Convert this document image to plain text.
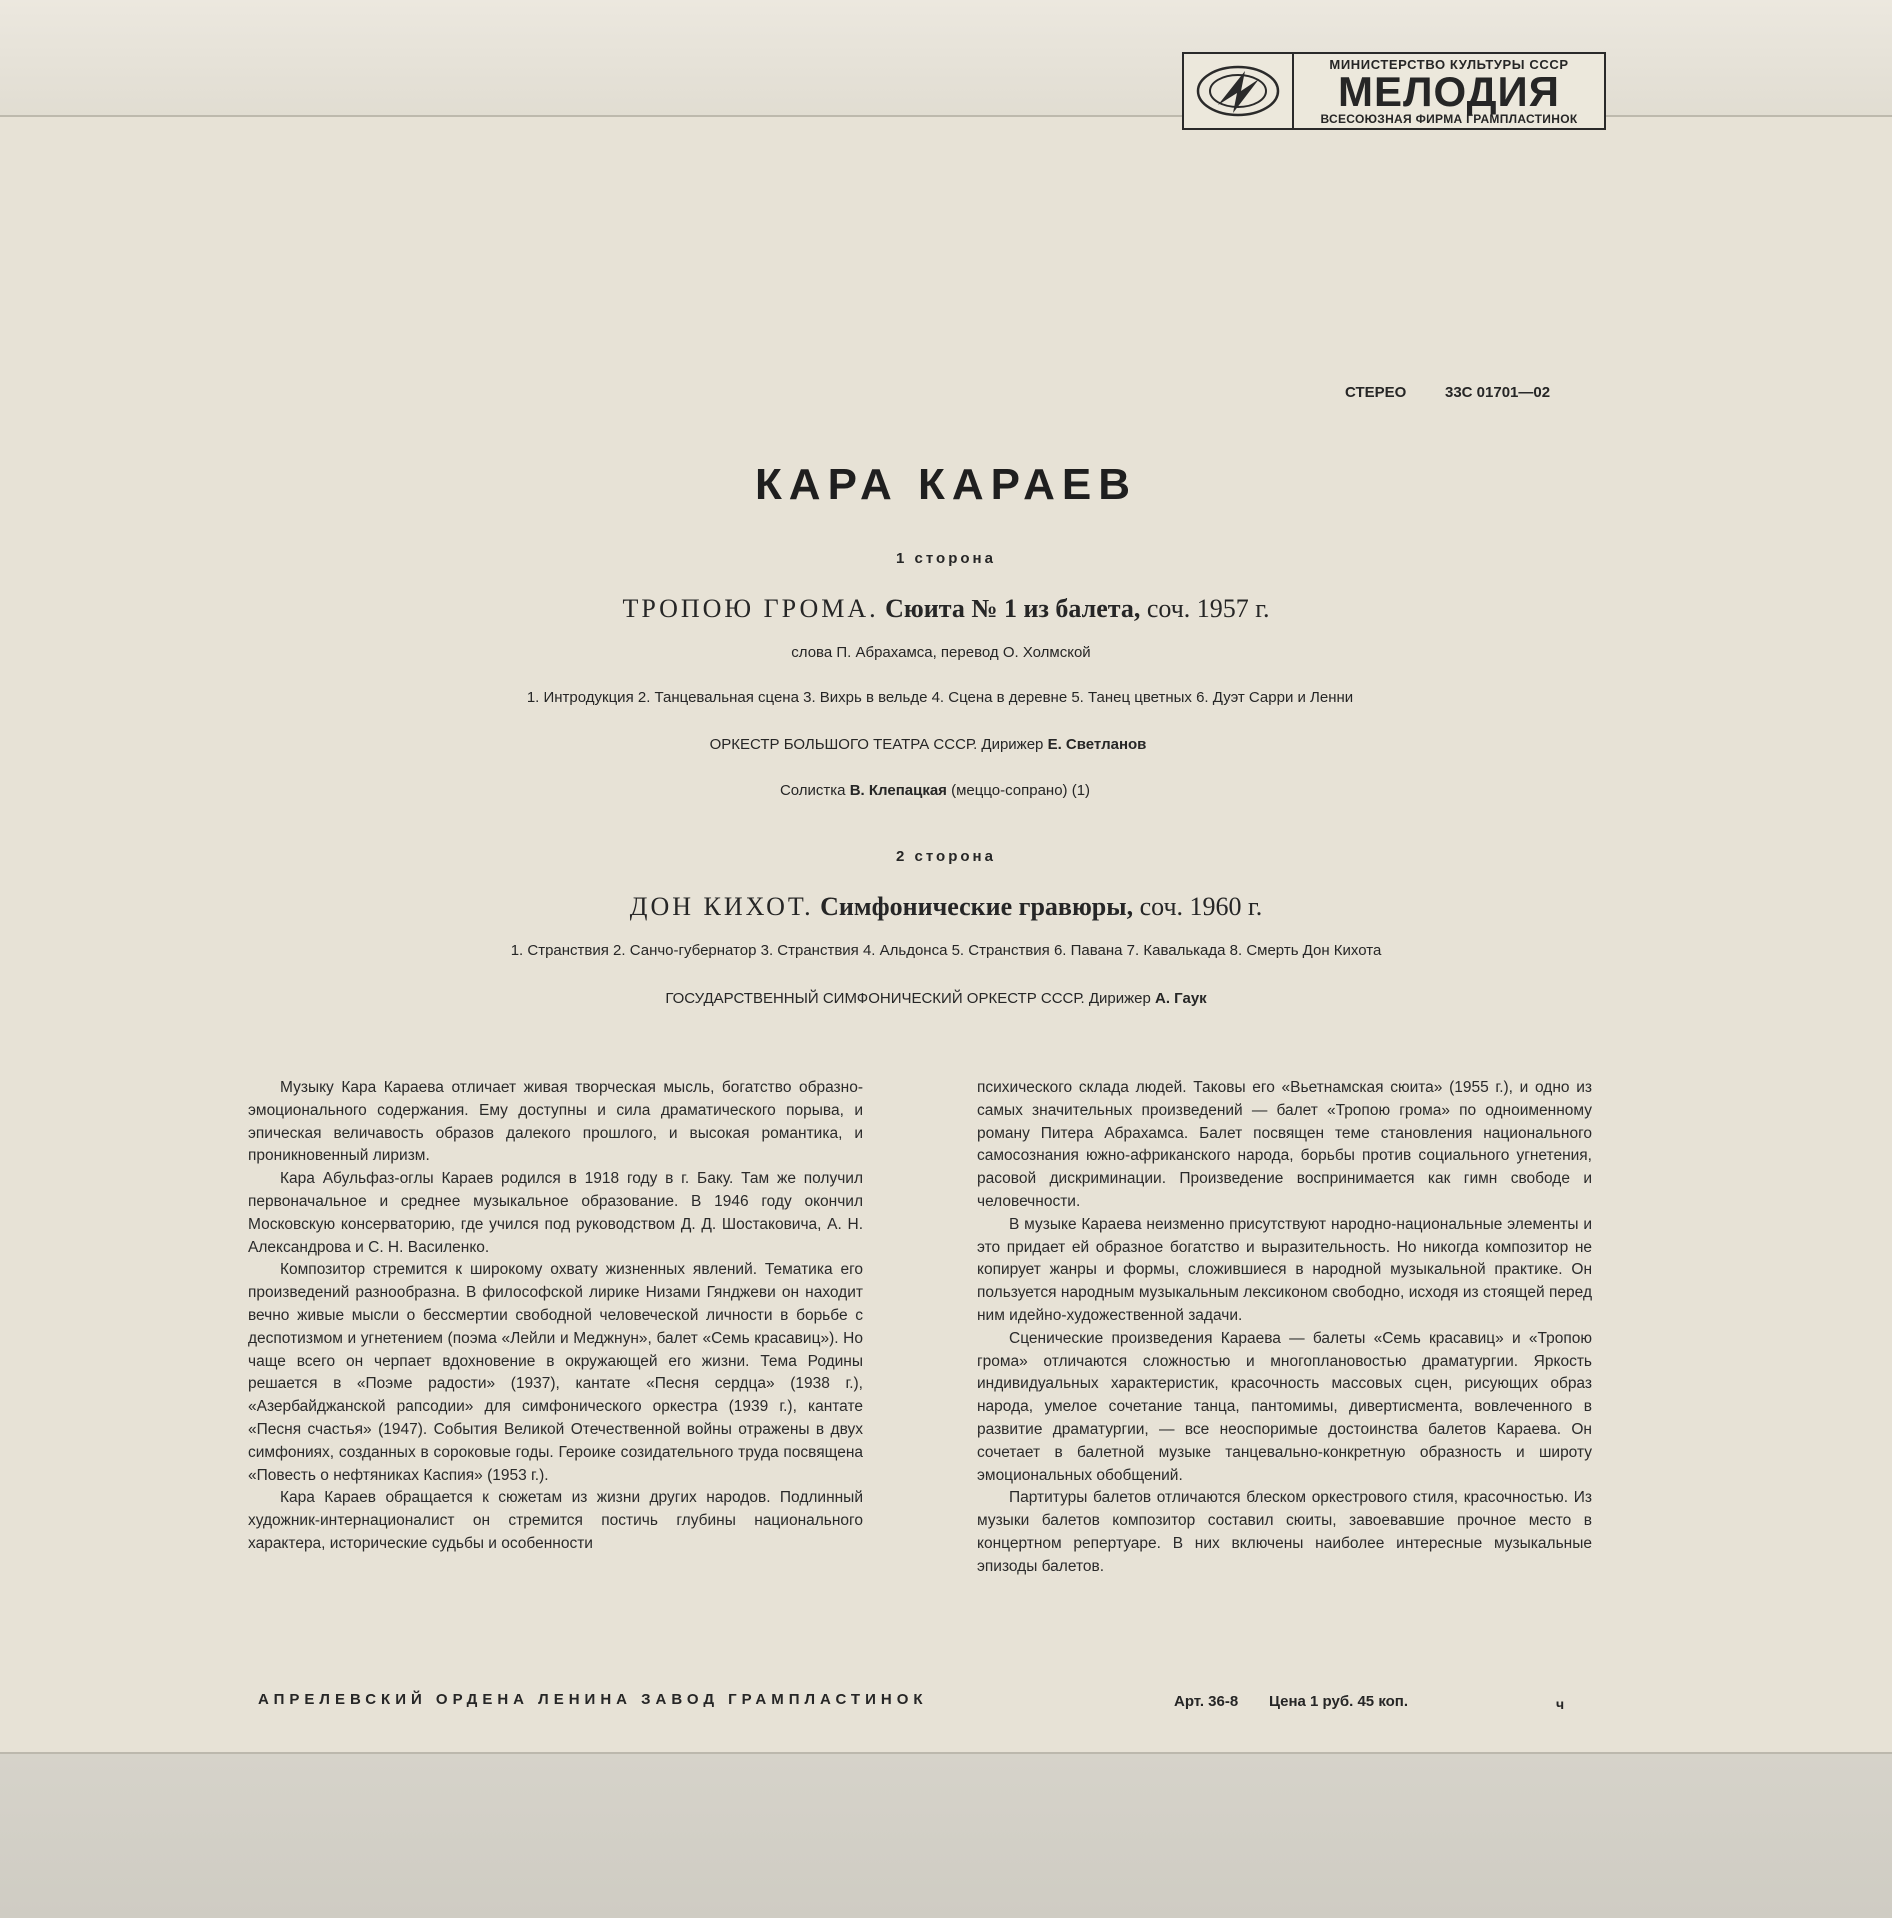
МИНИСТЕРСТВО КУЛЬТУРЫ СССР
МЕЛОДИЯ
ВСЕСОЮЗНАЯ ФИРМА ГРАМПЛАСТИНОК
СТЕРЕО	33С 01701—02
КАРА КАРАЕВ
1 сторона
ТРОПОЮ ГРОМА. Сюита № 1 из балета, соч. 1957 г.
слова П. Абрахамса, перевод О. Холмской
1. Интродукция 2. Танцевальная сцена 3. Вихрь в вельде 4. Сцена в деревне 5. Танец цветных 6. Дуэт Сарри и Ленни
ОРКЕСТР БОЛЬШОГО ТЕАТРА СССР. Дирижер Е. Светланов
Солистка В. Клепацкая (меццо-сопрано) (1)
2 сторона
ДОН КИХОТ. Симфонические гравюры, соч. 1960 г.
1. Странствия 2. Санчо-губернатор 3. Странствия 4. Альдонса 5. Странствия 6. Павана 7. Кавалькада 8. Смерть Дон Кихота
ГОСУДАРСТВЕННЫЙ СИМФОНИЧЕСКИЙ ОРКЕСТР СССР. Дирижер А. Гаук

Музыку Кара Караева отличает живая творческая мысль, богатство образно-эмоционального содержания. Ему доступны и сила драматического порыва, и эпическая величавость образов далекого прошлого, и высокая романтика, и проникновенный лиризм.

Кара Абульфаз-оглы Караев родился в 1918 году в г. Баку. Там же получил первоначальное и среднее музыкальное образование. В 1946 году окончил Московскую консерваторию, где учился под руководством Д. Д. Шостаковича, А. Н. Александрова и С. Н. Василенко.

Композитор стремится к широкому охвату жизненных явлений. Тематика его произведений разнообразна. В философской лирике Низами Гянджеви он находит вечно живые мысли о бессмертии свободной человеческой личности в борьбе с деспотизмом и угнетением (поэма «Лейли и Меджнун», балет «Семь красавиц»). Но чаще всего он черпает вдохновение в окружающей его жизни. Тема Родины решается в «Поэме радости» (1937), кантате «Песня сердца» (1938 г.), «Азербайджанской рапсодии» для симфонического оркестра (1939 г.), кантате «Песня счастья» (1947). События Великой Отечественной войны отражены в двух симфониях, созданных в сороковые годы. Героике созидательного труда посвящена «Повесть о нефтяниках Каспия» (1953 г.).

Кара Караев обращается к сюжетам из жизни других народов. Подлинный художник-интернационалист он стремится постичь глубины национального характера, исторические судьбы и особенности

психического склада людей. Таковы его «Вьетнамская сюита» (1955 г.), и одно из самых значительных произведений — балет «Тропою грома» по одноименному роману Питера Абрахамса. Балет посвящен теме становления национального самосознания южно-африканского народа, борьбы против социального угнетения, расовой дискриминации. Произведение воспринимается как гимн свободе и человечности.

В музыке Караева неизменно присутствуют народно-национальные элементы и это придает ей образное богатство и выразительность. Но никогда композитор не копирует жанры и формы, сложившиеся в народной музыкальной практике. Он пользуется народным музыкальным лексиконом свободно, исходя из стоящей перед ним идейно-художественной задачи.

Сценические произведения Караева — балеты «Семь красавиц» и «Тропою грома» отличаются сложностью и многоплановостью драматургии. Яркость индивидуальных характеристик, красочность массовых сцен, рисующих образ народа, умелое сочетание танца, пантомимы, дивертисмента, вовлеченного в развитие драматургии, — все неоспоримые достоинства балетов Караева. Он сочетает в балетной музыке танцевально-конкретную образность и широту эмоциональных обобщений.

Партитуры балетов отличаются блеском оркестрового стиля, красочностью. Из музыки балетов композитор составил сюиты, завоевавшие прочное место в концертном репертуаре. В них включены наиболее интересные музыкальные эпизоды балетов.

АПРЕЛЕВСКИЙ ОРДЕНА ЛЕНИНА ЗАВОД ГРАМПЛАСТИНОК	Арт. 36-8 Цена 1 руб. 45 коп.	ч
